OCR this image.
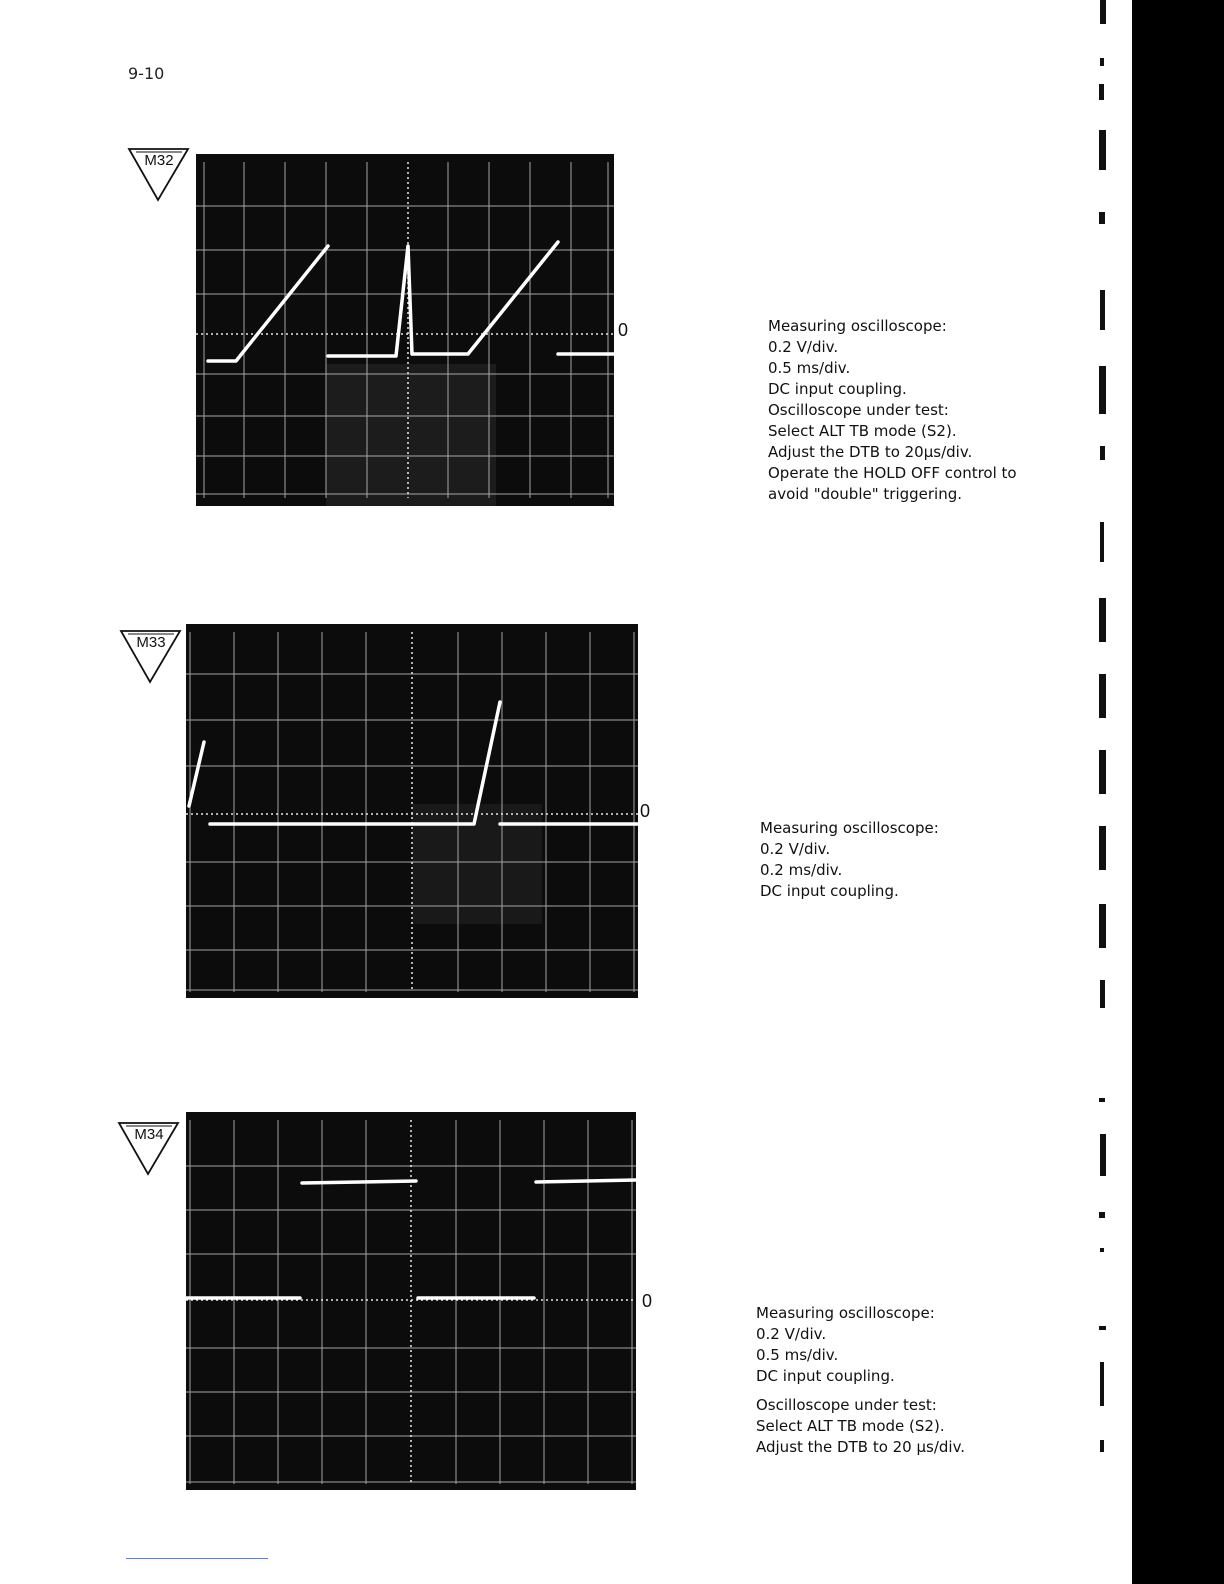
9-10
M32
0	Measuring oscilloscope:
0.2 V/div.
0.5 ms/div.
DC input coupling.
Oscilloscope under test:
Select ALT TB mode (S2).
Adjust the DTB to 20μs/div.
Operate the HOLD OFF control to
avoid "double" triggering.
M33
0
Measuring oscilloscope:
0.2 V/div.
0.2 ms/div.
DC input coupling.
M34
0
Measuring oscilloscope:
0.2 V/div.
0.5 ms/div.
DC input coupling.
Oscilloscope under test:
Select ALT TB mode (S2).
Adjust the DTB to 20 μs/div.
